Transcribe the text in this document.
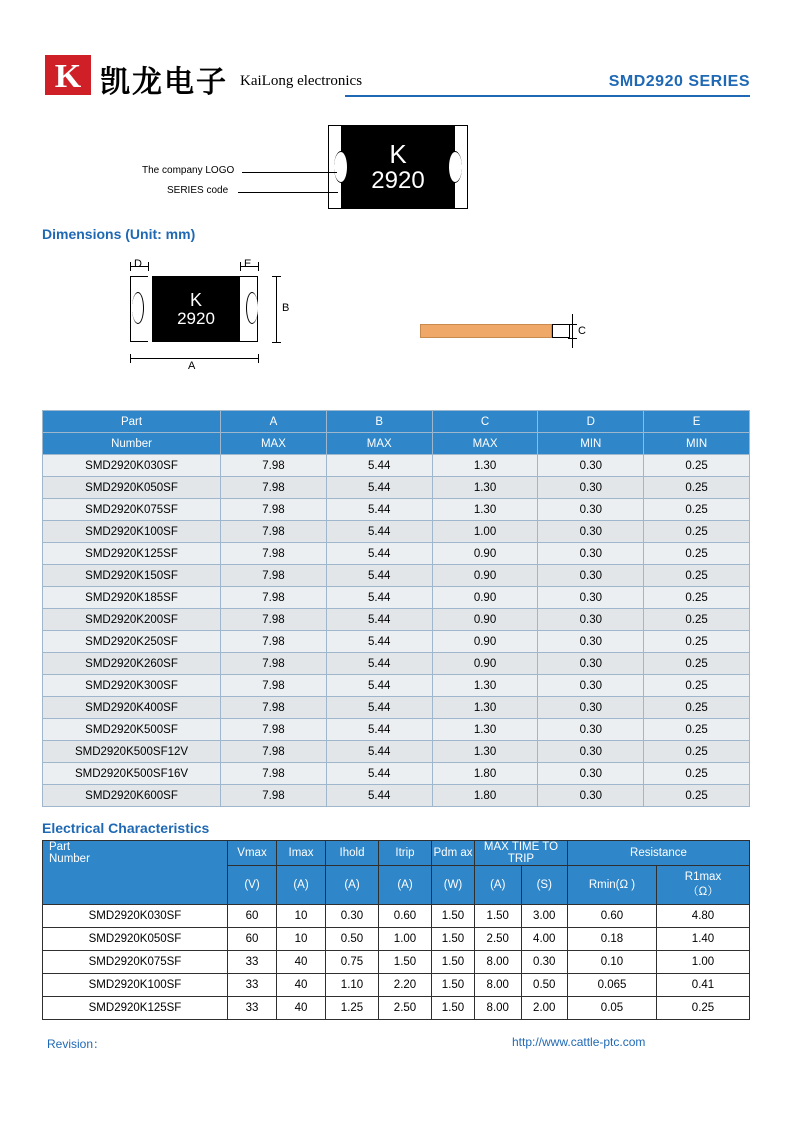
K 凯龙电子 KaiLong electronics	SMD2920 SERIES
K
2920
The company LOGO
SERIES code
Dimensions (Unit: mm)
K
2920
D	E
B
A
C
Part	A	B	C	D	E
Number	MAX	MAX	MAX	MIN	MIN
SMD2920K030SF	7.98	5.44	1.30	0.30	0.25
SMD2920K050SF	7.98	5.44	1.30	0.30	0.25
SMD2920K075SF	7.98	5.44	1.30	0.30	0.25
SMD2920K100SF	7.98	5.44	1.00	0.30	0.25
SMD2920K125SF	7.98	5.44	0.90	0.30	0.25
SMD2920K150SF	7.98	5.44	0.90	0.30	0.25
SMD2920K185SF	7.98	5.44	0.90	0.30	0.25
SMD2920K200SF	7.98	5.44	0.90	0.30	0.25
SMD2920K250SF	7.98	5.44	0.90	0.30	0.25
SMD2920K260SF	7.98	5.44	0.90	0.30	0.25
SMD2920K300SF	7.98	5.44	1.30	0.30	0.25
SMD2920K400SF	7.98	5.44	1.30	0.30	0.25
SMD2920K500SF	7.98	5.44	1.30	0.30	0.25
SMD2920K500SF12V	7.98	5.44	1.30	0.30	0.25
SMD2920K500SF16V	7.98	5.44	1.80	0.30	0.25
SMD2920K600SF	7.98	5.44	1.80	0.30	0.25
Electrical Characteristics
Part
Number	Vmax	Imax	Ihold	Itrip	Pdm ax	MAX TIME TO TRIP		Resistance	
	(V)	(A)	(A)	(A)	(W)	(A)	(S)	Rmin(Ω )	R1max
（Ω）

SMD2920K030SF	60	10	0.30	0.60	1.50	1.50	3.00	0.60	4.80
SMD2920K050SF	60	10	0.50	1.00	1.50	2.50	4.00	0.18	1.40
SMD2920K075SF	33	40	0.75	1.50	1.50	8.00	0.30	0.10	1.00
SMD2920K100SF	33	40	1.10	2.20	1.50	8.00	0.50	0.065	0.41
SMD2920K125SF	33	40	1.25	2.50	1.50	8.00	2.00	0.05	0.25
Revision：	http://www.cattle-ptc.com
